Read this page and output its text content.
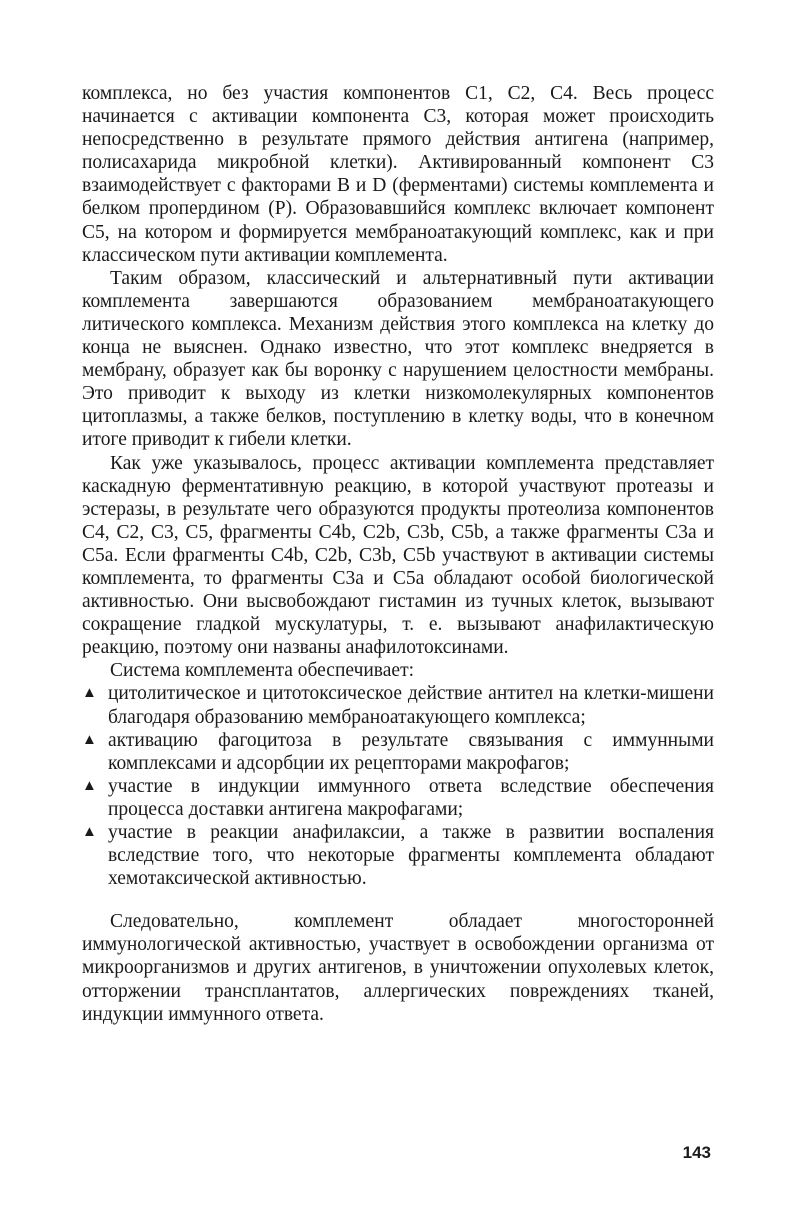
комплекса, но без участия компонентов C1, C2, C4. Весь процесс начинается с активации компонента C3, которая может происходить непосредственно в результате прямого действия антигена (например, полисахарида микробной клетки). Активированный компонент C3 взаимодействует с факторами В и D (ферментами) системы комплемента и белком пропердином (Р). Образовавшийся комплекс включает компонент C5, на котором и формируется мембраноатакующий комплекс, как и при классическом пути активации комплемента.

Таким образом, классический и альтернативный пути активации комплемента завершаются образованием мембраноатакующего литического комплекса. Механизм действия этого комплекса на клетку до конца не выяснен. Однако известно, что этот комплекс внедряется в мембрану, образует как бы воронку с нарушением целостности мембраны. Это приводит к выходу из клетки низкомолекулярных компонентов цитоплазмы, а также белков, поступлению в клетку воды, что в конечном итоге приводит к гибели клетки.

Как уже указывалось, процесс активации комплемента представляет каскадную ферментативную реакцию, в которой участвуют протеазы и эстеразы, в результате чего образуются продукты протеолиза компонентов C4, C2, C3, C5, фрагменты C4b, C2b, C3b, C5b, а также фрагменты C3a и C5a. Если фрагменты C4b, C2b, C3b, C5b участвуют в активации системы комплемента, то фрагменты C3a и C5a обладают особой биологической активностью. Они высвобождают гистамин из тучных клеток, вызывают сокращение гладкой мускулатуры, т. е. вызывают анафилактическую реакцию, поэтому они названы анафилотоксинами.

Система комплемента обеспечивает:

▲ цитолитическое и цитотоксическое действие антител на клетки-мишени благодаря образованию мембраноатакующего комплекса;
▲ активацию фагоцитоза в результате связывания с иммунными комплексами и адсорбции их рецепторами макрофагов;
▲ участие в индукции иммунного ответа вследствие обеспечения процесса доставки антигена макрофагами;
▲ участие в реакции анафилаксии, а также в развитии воспаления вследствие того, что некоторые фрагменты комплемента обладают хемотаксической активностью.

Следовательно, комплемент обладает многосторонней иммунологической активностью, участвует в освобождении организма от микроорганизмов и других антигенов, в уничтожении опухолевых клеток, отторжении трансплантатов, аллергических повреждениях тканей, индукции иммунного ответа.

143
